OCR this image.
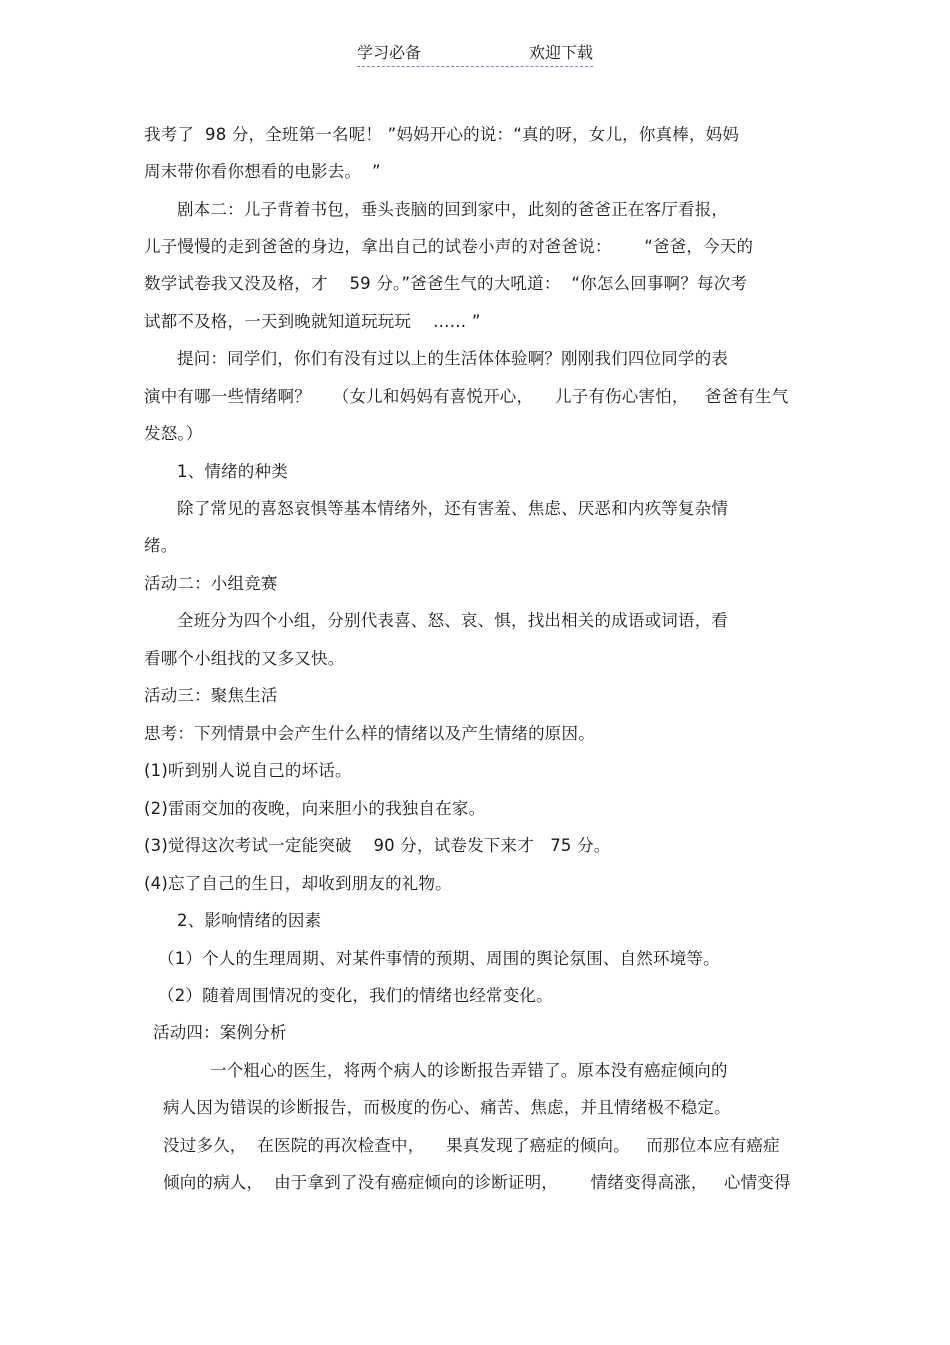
学习必备	欢迎下载
我考了  98 分，全班第一名呢！ ”妈妈开心的说：“真的呀，女儿，你真棒，妈妈
周末带你看你想看的电影去。  ”
剧本二：儿子背着书包，垂头丧脑的回到家中，此刻的爸爸正在客厅看报，
儿子慢慢的走到爸爸的身边，拿出自己的试卷小声的对爸爸说：      “爸爸，今天的
数学试卷我又没及格，才    59 分。”爸爸生气的大吼道：  “你怎么回事啊？每次考
试都不及格，一天到晚就知道玩玩玩    …… ”
提问：同学们，你们有没有过以上的生活体体验啊？刚刚我们四位同学的表
演中有哪一些情绪啊？    （女儿和妈妈有喜悦开心，    儿子有伤心害怕，   爸爸有生气
发怒。）
1、情绪的种类
除了常见的喜怒哀惧等基本情绪外，还有害羞、焦虑、厌恶和内疚等复杂情
绪。
活动二：小组竞赛
全班分为四个小组，分别代表喜、怒、哀、惧，找出相关的成语或词语，看
看哪个小组找的又多又快。
活动三：聚焦生活
思考：下列情景中会产生什么样的情绪以及产生情绪的原因。
(1)听到别人说自己的坏话。
(2)雷雨交加的夜晚，向来胆小的我独自在家。
(3)觉得这次考试一定能突破    90 分，试卷发下来才   75 分。
(4)忘了自己的生日，却收到朋友的礼物。
2、影响情绪的因素
（1）个人的生理周期、对某件事情的预期、周围的舆论氛围、自然环境等。
（2）随着周围情况的变化，我们的情绪也经常变化。
活动四：案例分析
一个粗心的医生，将两个病人的诊断报告弄错了。原本没有癌症倾向的
病人因为错误的诊断报告，而极度的伤心、痛苦、焦虑，并且情绪极不稳定。
没过多久，  在医院的再次检查中，    果真发现了癌症的倾向。   而那位本应有癌症
倾向的病人，  由于拿到了没有癌症倾向的诊断证明，      情绪变得高涨，   心情变得
